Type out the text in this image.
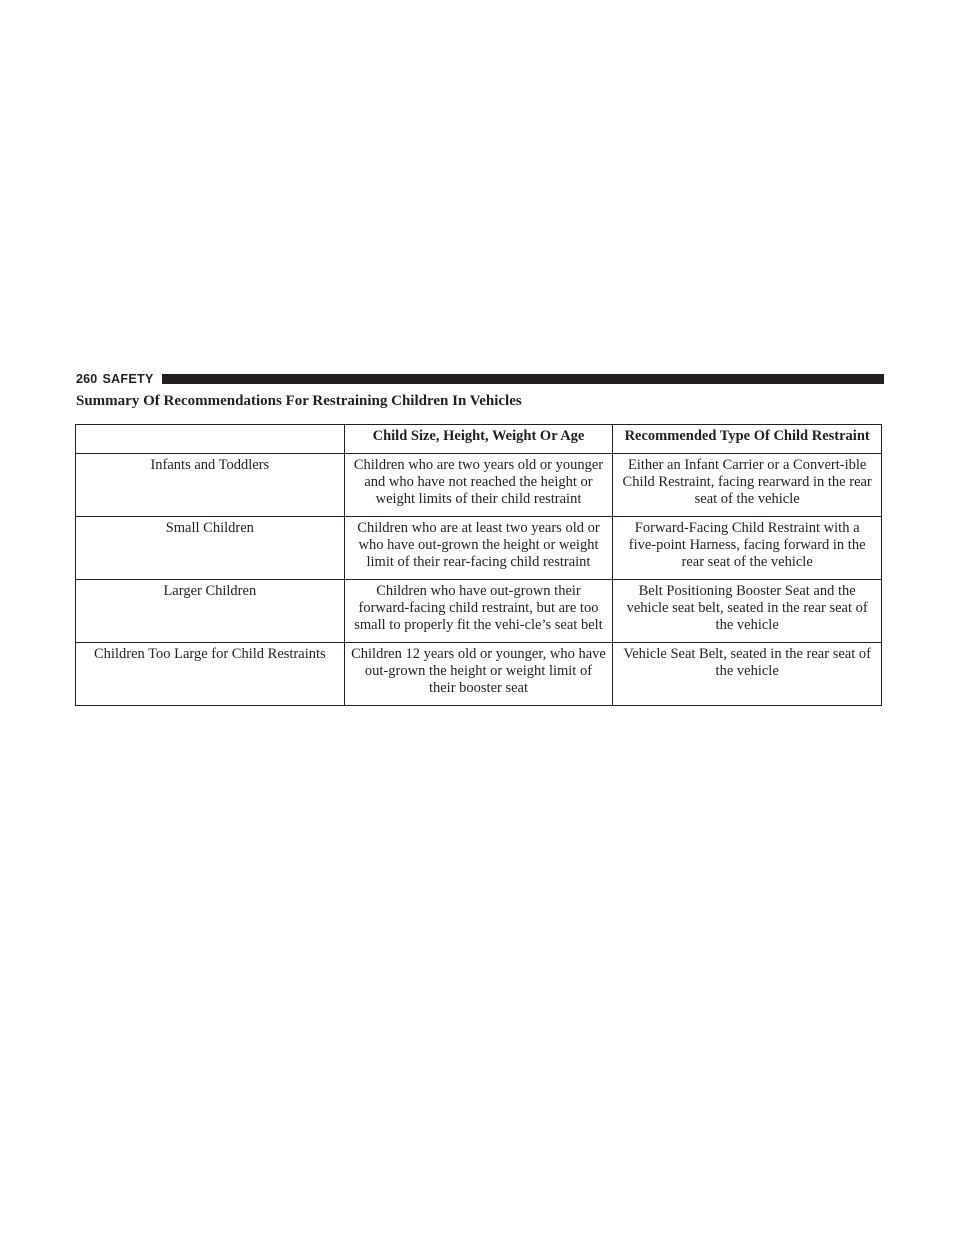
260 SAFETY
Summary Of Recommendations For Restraining Children In Vehicles
	Child Size, Height, Weight Or Age	Recommended Type Of Child Restraint
Infants and Toddlers	Children who are two years old or younger and who have not reached the height or weight limits of their child restraint	Either an Infant Carrier or a Convert-ible Child Restraint, facing rearward in the rear seat of the vehicle
Small Children	Children who are at least two years old or who have out-grown the height or weight limit of their rear-facing child restraint	Forward-Facing Child Restraint with a five-point Harness, facing forward in the rear seat of the vehicle
Larger Children	Children who have out-grown their forward-facing child restraint, but are too small to properly fit the vehi-cle’s seat belt	Belt Positioning Booster Seat and the vehicle seat belt, seated in the rear seat of the vehicle
Children Too Large for Child Restraints	Children 12 years old or younger, who have out-grown the height or weight limit of their booster seat	Vehicle Seat Belt, seated in the rear seat of the vehicle
